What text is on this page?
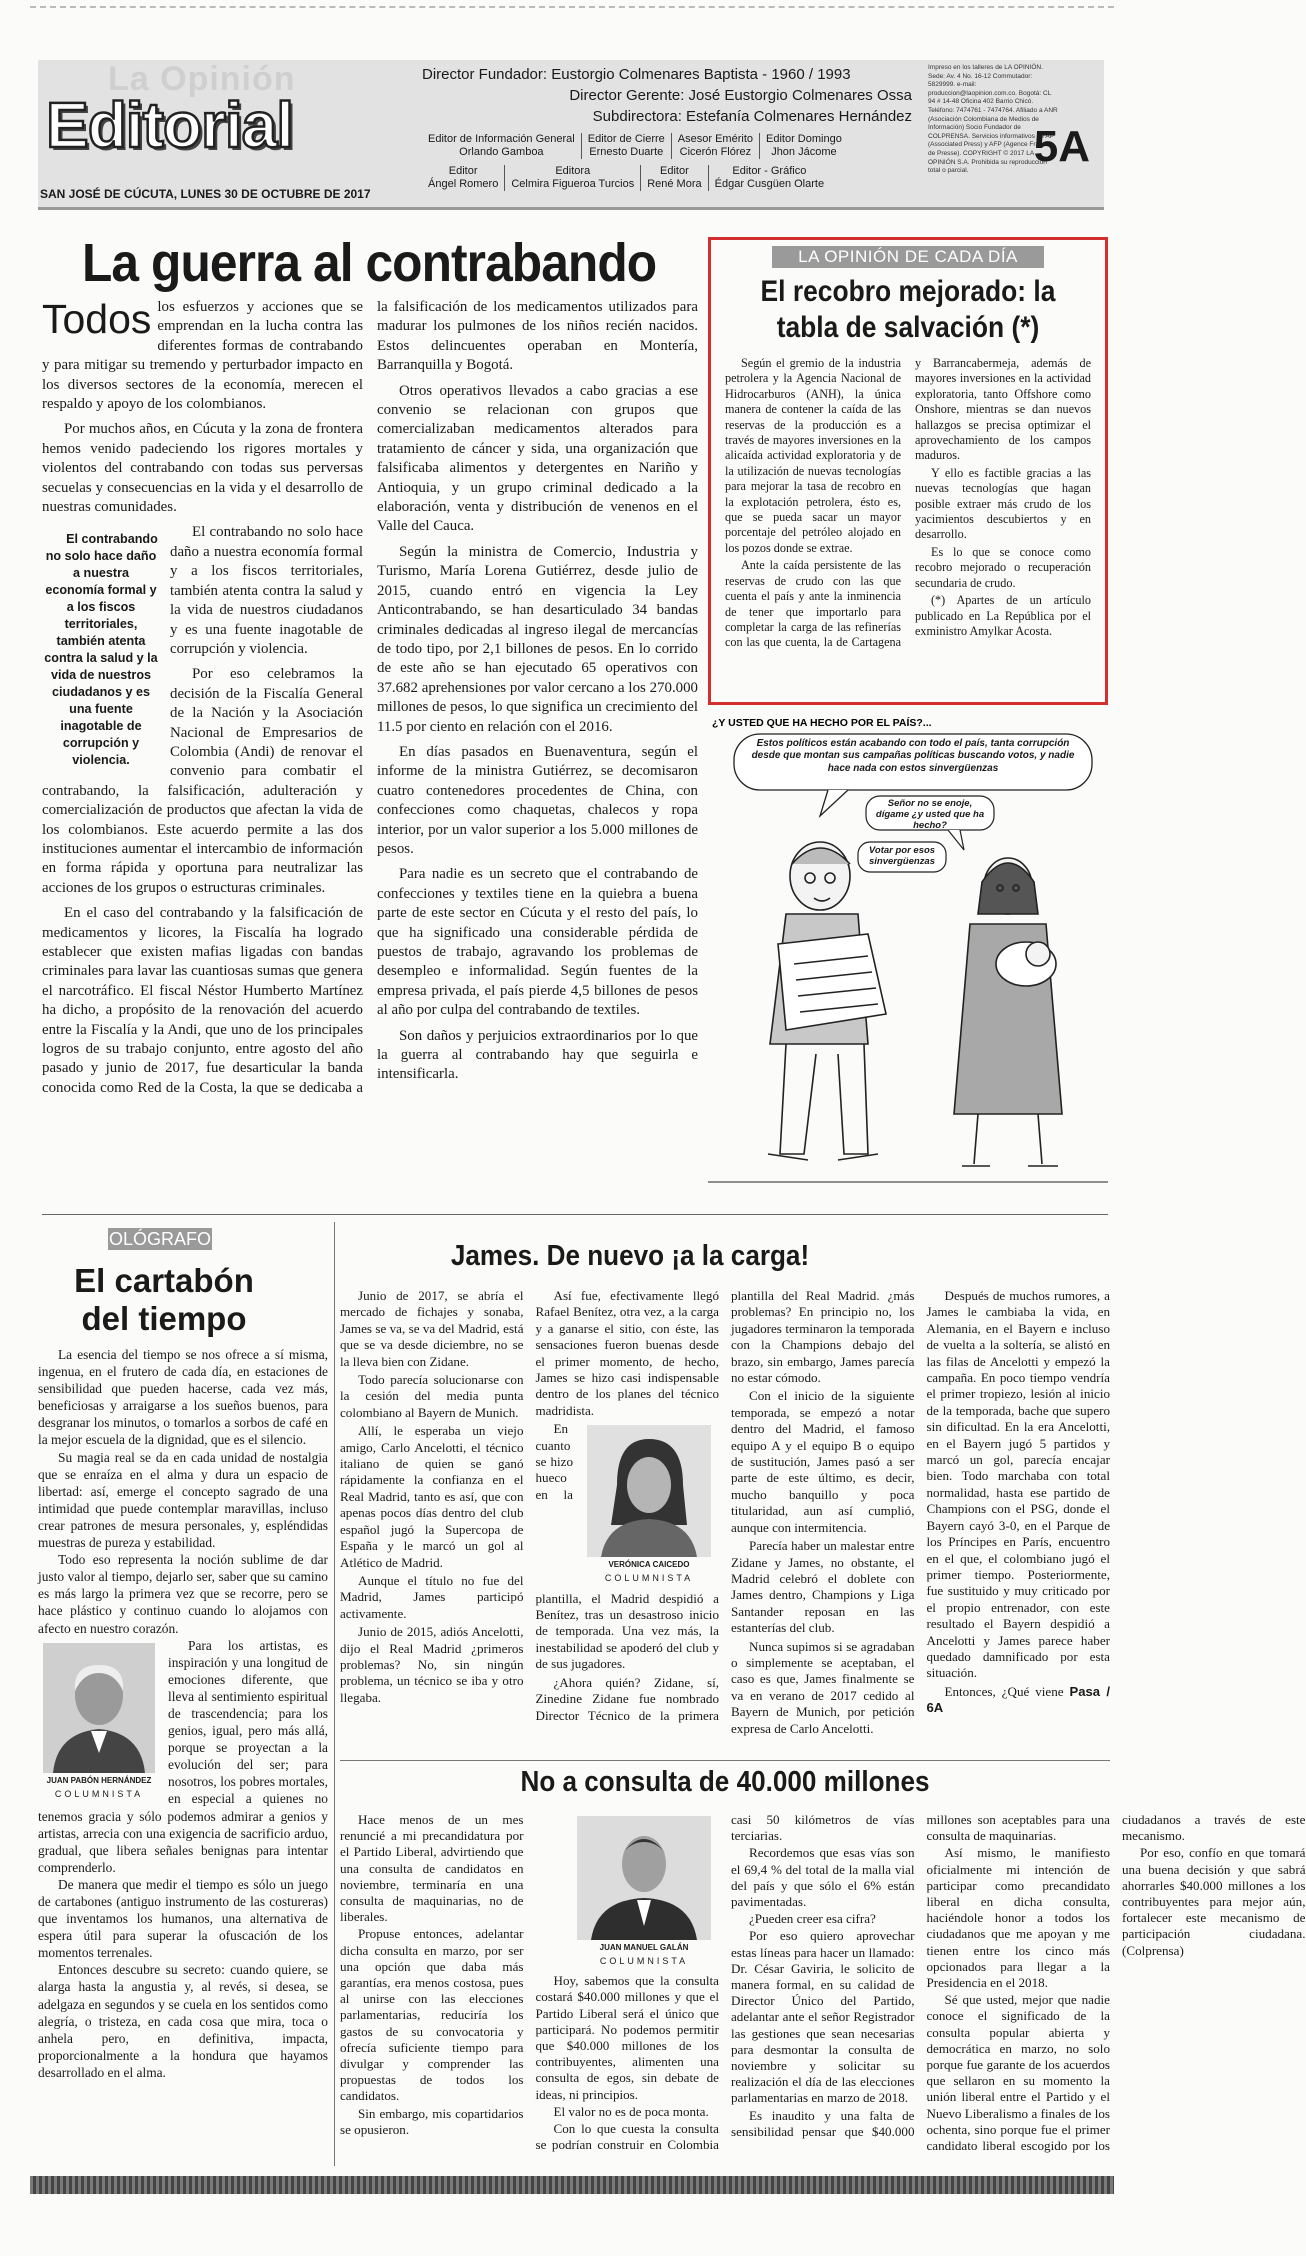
La Opinión
Editorial
SAN JOSÉ DE CÚCUTA, LUNES 30 DE OCTUBRE DE 2017
Director Fundador: Eustorgio Colmenares Baptista - 1960 / 1993
Director Gerente: José Eustorgio Colmenares Ossa
Subdirectora: Estefanía Colmenares Hernández
Editor de Información General
Orlando Gamboa
Editor de Cierre
Ernesto Duarte
Asesor Emérito
Cicerón Flórez
Editor Domingo
Jhon Jácome
Editor
Ángel Romero
Editora
Celmira Figueroa Turcios
Editor
René Mora
Editor - Gráfico
Édgar Cusgüen Olarte
Impreso en los talleres de LA OPINIÓN. Sede: Av. 4 No. 16-12 Commutador: 5829999. e-mail: produccion@laopinion.com.co. Bogotá: CL 94 # 14-48 Oficina 402 Barrio Chicó. Teléfono: 7474761 - 7474764. Afiliado a ANR (Asociación Colombiana de Medios de Información) Socio Fundador de COLPRENSA. Servicios informativos de AP (Associated Press) y AFP (Agence France de Presse). COPYRIGHT © 2017 LA OPINIÓN S.A. Prohibida su reproducción total o parcial.	5A
La guerra al contrabando

Todos los esfuerzos y acciones que se emprendan en la lucha contra las diferentes formas de contrabando y para mitigar su tremendo y perturbador impacto en los diversos sectores de la economía, merecen el respaldo y apoyo de los colombianos.

Por muchos años, en Cúcuta y la zona de frontera hemos venido padeciendo los rigores mortales y violentos del contrabando con todas sus perversas secuelas y consecuencias en la vida y el desarrollo de nuestras comunidades.

El contrabando no solo hace daño a nuestra economía formal y a los fiscos territoriales, también atenta contra la salud y la vida de nuestros ciudadanos y es una fuente inagotable de corrupción y violencia.
El contrabando no solo hace daño a nuestra economía formal y a los fiscos territoriales, también atenta contra la salud y la vida de nuestros ciudadanos y es una fuente inagotable de corrupción y violencia.

Por eso celebramos la decisión de la Fiscalía General de la Nación y la Asociación Nacional de Empresarios de Colombia (Andi) de renovar el convenio para combatir el contrabando, la falsificación, adulteración y comercialización de productos que afectan la vida de los colombianos. Este acuerdo permite a las dos instituciones aumentar el intercambio de información en forma rápida y oportuna para neutralizar las acciones de los grupos o estructuras criminales.

En el caso del contrabando y la falsificación de medicamentos y licores, la Fiscalía ha logrado establecer que existen mafias ligadas con bandas criminales para lavar las cuantiosas sumas que genera el narcotráfico. El fiscal Néstor Humberto Martínez ha dicho, a propósito de la renovación del acuerdo entre la Fiscalía y la Andi, que uno de los principales logros de su trabajo conjunto, entre agosto del año pasado y junio de 2017, fue desarticular la banda conocida como Red de la Costa, la que se dedicaba a la falsificación de los medicamentos utilizados para madurar los pulmones de los niños recién nacidos. Estos delincuentes operaban en Montería, Barranquilla y Bogotá.

Otros operativos llevados a cabo gracias a ese convenio se relacionan con grupos que comercializaban medicamentos alterados para tratamiento de cáncer y sida, una organización que falsificaba alimentos y detergentes en Nariño y Antioquia, y un grupo criminal dedicado a la elaboración, venta y distribución de venenos en el Valle del Cauca.

Según la ministra de Comercio, Industria y Turismo, María Lorena Gutiérrez, desde julio de 2015, cuando entró en vigencia la Ley Anticontrabando, se han desarticulado 34 bandas criminales dedicadas al ingreso ilegal de mercancías de todo tipo, por 2,1 billones de pesos. En lo corrido de este año se han ejecutado 65 operativos con 37.682 aprehensiones por valor cercano a los 270.000 millones de pesos, lo que significa un crecimiento del 11.5 por ciento en relación con el 2016.

En días pasados en Buenaventura, según el informe de la ministra Gutiérrez, se decomisaron cuatro contenedores procedentes de China, con confecciones como chaquetas, chalecos y ropa interior, por un valor superior a los 5.000 millones de pesos.

Para nadie es un secreto que el contrabando de confecciones y textiles tiene en la quiebra a buena parte de este sector en Cúcuta y el resto del país, lo que ha significado una considerable pérdida de puestos de trabajo, agravando los problemas de desempleo e informalidad. Según fuentes de la empresa privada, el país pierde 4,5 billones de pesos al año por culpa del contrabando de textiles.

Son daños y perjuicios extraordinarios por lo que la guerra al contrabando hay que seguirla e intensificarla.

LA OPINIÓN DE CADA DÍA
El recobro mejorado: la tabla de salvación (*)

Según el gremio de la industria petrolera y la Agencia Nacional de Hidrocarburos (ANH), la única manera de contener la caída de las reservas de la producción es a través de mayores inversiones en la alicaída actividad exploratoria y de la utilización de nuevas tecnologías para mejorar la tasa de recobro en la explotación petrolera, ésto es, que se pueda sacar un mayor porcentaje del petróleo alojado en los pozos donde se extrae.

Ante la caída persistente de las reservas de crudo con las que cuenta el país y ante la inminencia de tener que importarlo para completar la carga de las refinerías con las que cuenta, la de Cartagena y Barrancabermeja, además de mayores inversiones en la actividad exploratoria, tanto Offshore como Onshore, mientras se dan nuevos hallazgos se precisa optimizar el aprovechamiento de los campos maduros.

Y ello es factible gracias a las nuevas tecnologías que hagan posible extraer más crudo de los yacimientos descubiertos y en desarrollo.

Es lo que se conoce como recobro mejorado o recuperación secundaria de crudo.

(*) Apartes de un artículo publicado en La República por el exministro Amylkar Acosta.

¿Y USTED QUE HA HECHO POR EL PAÍS?...
Estos políticos están acabando con todo el país, tanta corrupción desde que montan sus campañas políticas buscando votos, y nadie hace nada con estos sinvergüenzas
Señor no se enoje, dígame ¿y usted que ha hecho?
Votar por esos sinvergüenzas
OLÓGRAFO
El cartabón del tiempo

La esencia del tiempo se nos ofrece a sí misma, ingenua, en el frutero de cada día, en estaciones de sensibilidad que pueden hacerse, cada vez más, beneficiosas y arraigarse a los sueños buenos, para desgranar los minutos, o tomarlos a sorbos de café en la mejor escuela de la dignidad, que es el silencio.

Su magia real se da en cada unidad de nostalgia que se enraíza en el alma y dura un espacio de libertad: así, emerge el concepto sagrado de una intimidad que puede contemplar maravillas, incluso crear patrones de mesura personales, y, espléndidas muestras de pureza y estabilidad.

Todo eso representa la noción sublime de dar justo valor al tiempo, dejarlo ser, saber que su camino es más largo la primera vez que se recorre, pero se hace plástico y continuo cuando lo alojamos con afecto en nuestro corazón.

JUAN PABÓN HERNÁNDEZ
COLUMNISTA

Para los artistas, es inspiración y una longitud de emociones diferente, que lleva al sentimiento espiritual de trascendencia; para los genios, igual, pero más allá, porque se proyectan a la evolución del ser; para nosotros, los pobres mortales, en especial a quienes no tenemos gracia y sólo podemos admirar a genios y artistas, arrecia con una exigencia de sacrificio arduo, gradual, que libera señales benignas para intentar comprenderlo.

De manera que medir el tiempo es sólo un juego de cartabones (antiguo instrumento de las costureras) que inventamos los humanos, una alternativa de espera útil para superar la ofuscación de los momentos terrenales.

Entonces descubre su secreto: cuando quiere, se alarga hasta la angustia y, al revés, si desea, se adelgaza en segundos y se cuela en los sentidos como alegría, o tristeza, en cada cosa que mira, toca o anhela pero, en definitiva, impacta, proporcionalmente a la hondura que hayamos desarrollado en el alma.

James. De nuevo ¡a la carga!

Junio de 2017, se abría el mercado de fichajes y sonaba, James se va, se va del Madrid, está que se va desde diciembre, no se la lleva bien con Zidane.

Todo parecía solucionarse con la cesión del media punta colombiano al Bayern de Munich.

Allí, le esperaba un viejo amigo, Carlo Ancelotti, el técnico italiano de quien se ganó rápidamente la confianza en el Real Madrid, tanto es así, que con apenas pocos días dentro del club español jugó la Supercopa de España y le marcó un gol al Atlético de Madrid.

Aunque el título no fue del Madrid, James participó activamente.

Junio de 2015, adiós Ancelotti, dijo el Real Madrid ¿primeros problemas? No, sin ningún problema, un técnico se iba y otro llegaba.

Así fue, efectivamente llegó Rafael Benítez, otra vez, a la carga y a ganarse el sitio, con éste, las sensaciones fueron buenas desde el primer momento, de hecho, James se hizo casi indispensable dentro de los planes del técnico madridista.

VERÓNICA CAICEDO
COLUMNISTA

En cuanto se hizo hueco en la plantilla, el Madrid despidió a Benítez, tras un desastroso inicio de temporada. Una vez más, la inestabilidad se apoderó del club y de sus jugadores.

¿Ahora quién? Zidane, sí, Zinedine Zidane fue nombrado Director Técnico de la primera plantilla del Real Madrid. ¿más problemas? En principio no, los jugadores terminaron la temporada con la Champions debajo del brazo, sin embargo, James parecía no estar cómodo.

Con el inicio de la siguiente temporada, se empezó a notar dentro del Madrid, el famoso equipo A y el equipo B o equipo de sustitución, James pasó a ser parte de este último, es decir, mucho banquillo y poca titularidad, aun así cumplió, aunque con intermitencia.

Parecía haber un malestar entre Zidane y James, no obstante, el Madrid celebró el doblete con James dentro, Champions y Liga Santander reposan en las estanterías del club.

Nunca supimos si se agradaban o simplemente se aceptaban, el caso es que, James finalmente se va en verano de 2017 cedido al Bayern de Munich, por petición expresa de Carlo Ancelotti.

Después de muchos rumores, a James le cambiaba la vida, en Alemania, en el Bayern e incluso de vuelta a la soltería, se alistó en las filas de Ancelotti y empezó la campaña. En poco tiempo vendría el primer tropiezo, lesión al inicio de la temporada, bache que supero sin dificultad. En la era Ancelotti, en el Bayern jugó 5 partidos y marcó un gol, parecía encajar bien. Todo marchaba con total normalidad, hasta ese partido de Champions con el PSG, donde el Bayern cayó 3-0, en el Parque de los Príncipes en París, encuentro en el que, el colombiano jugó el primer tiempo. Posteriormente, fue sustituido y muy criticado por el propio entrenador, con este resultado el Bayern despidió a Ancelotti y James parece haber quedado damnificado por esta situación.

Entonces, ¿Qué viene Pasa / 6A

No a consulta de 40.000 millones

Hace menos de un mes renuncié a mi precandidatura por el Partido Liberal, advirtiendo que una consulta de candidatos en noviembre, terminaría en una consulta de maquinarias, no de liberales.

Propuse entonces, adelantar dicha consulta en marzo, por ser una opción que daba más garantías, era menos costosa, pues al unirse con las elecciones parlamentarias, reduciría los gastos de su convocatoria y ofrecía suficiente tiempo para divulgar y comprender las propuestas de todos los candidatos.

JUAN MANUEL GALÁN
COLUMNISTA

Sin embargo, mis copartidarios se opusieron.

Hoy, sabemos que la consulta costará $40.000 millones y que el Partido Liberal será el único que participará. No podemos permitir que $40.000 millones de los contribuyentes, alimenten una consulta de egos, sin debate de ideas, ni principios.

El valor no es de poca monta.

Con lo que cuesta la consulta se podrían construir en Colombia casi 50 kilómetros de vías terciarias.

Recordemos que esas vías son el 69,4 % del total de la malla vial del país y que sólo el 6% están pavimentadas.

¿Pueden creer esa cifra?

Por eso quiero aprovechar estas líneas para hacer un llamado: Dr. César Gaviria, le solicito de manera formal, en su calidad de Director Único del Partido, adelantar ante el señor Registrador las gestiones que sean necesarias para desmontar la consulta de noviembre y solicitar su realización el día de las elecciones parlamentarias en marzo de 2018.

Es inaudito y una falta de sensibilidad pensar que $40.000 millones son aceptables para una consulta de maquinarias.

Así mismo, le manifiesto oficialmente mi intención de participar como precandidato liberal en dicha consulta, haciéndole honor a todos los ciudadanos que me apoyan y me tienen entre los cinco más opcionados para llegar a la Presidencia en el 2018.

Sé que usted, mejor que nadie conoce el significado de la consulta popular abierta y democrática en marzo, no solo porque fue garante de los acuerdos que sellaron en su momento la unión liberal entre el Partido y el Nuevo Liberalismo a finales de los ochenta, sino porque fue el primer candidato liberal escogido por los ciudadanos a través de este mecanismo.

Por eso, confío en que tomará una buena decisión y que sabrá ahorrarles $40.000 millones a los contribuyentes para mejor aún, fortalecer este mecanismo de participación ciudadana. (Colprensa)
